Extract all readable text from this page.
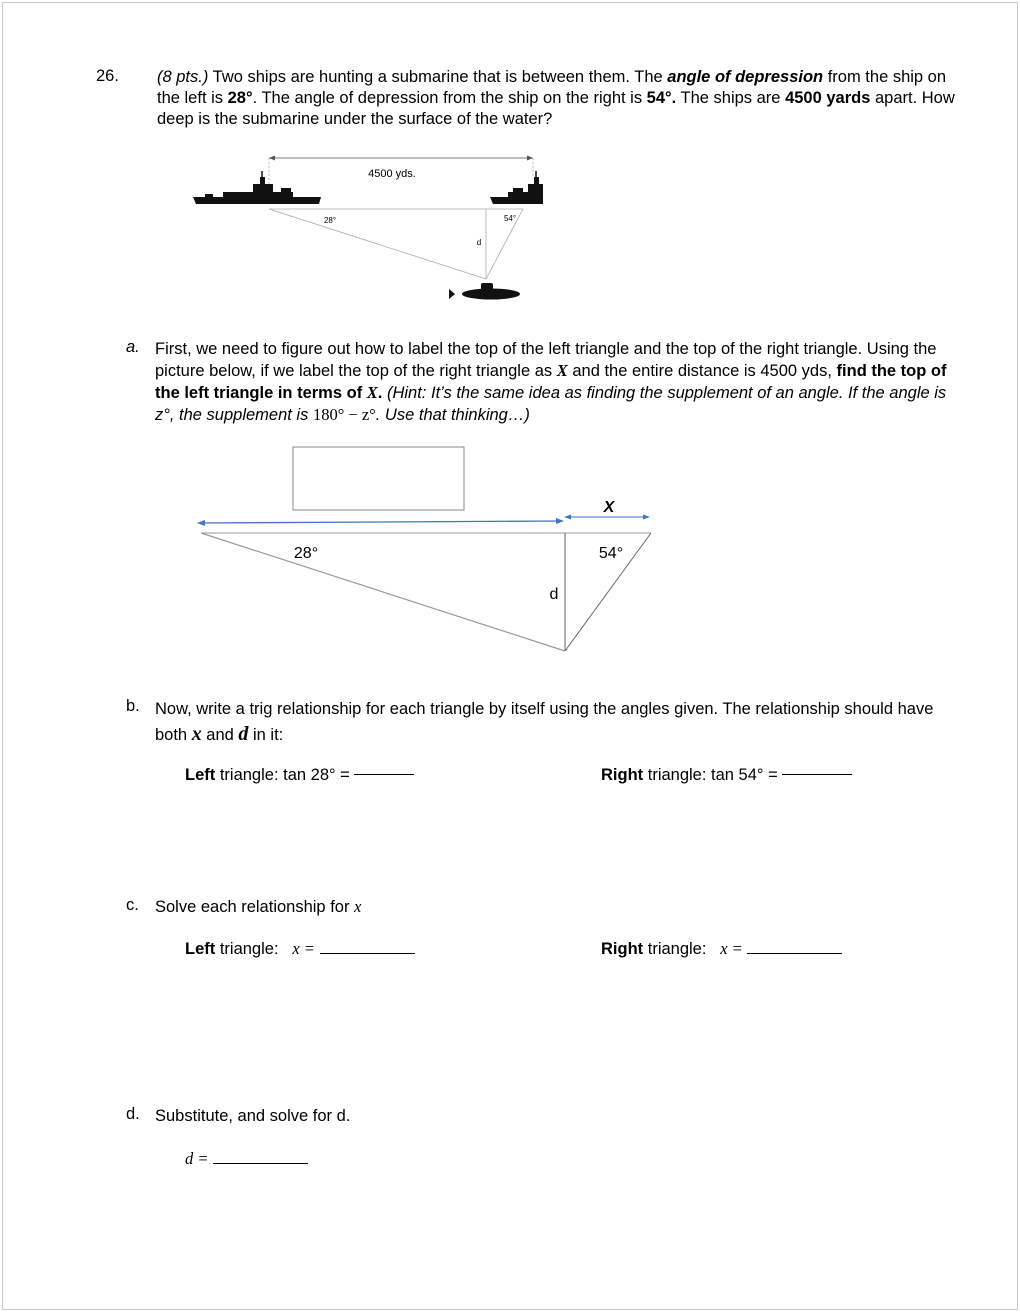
26. (8 pts.) Two ships are hunting a submarine that is between them. The angle of depression from the ship on the left is 28°. The angle of depression from the ship on the right is 54°. The ships are 4500 yards apart. How deep is the submarine under the surface of the water?
4500 yds.
28°	54°
d
a. First, we need to figure out how to label the top of the left triangle and the top of the right triangle. Using the picture below, if we label the top of the right triangle as X and the entire distance is 4500 yds, find the top of the left triangle in terms of X. (Hint: It’s the same idea as finding the supplement of an angle. If the angle is z°, the supplement is 180° − z°. Use that thinking…)
X
28°	54°
d
b. Now, write a trig relationship for each triangle by itself using the angles given. The relationship should have both x and d in it:
Left triangle: tan 28° =	Right triangle: tan 54° =
c. Solve each relationship for x
Left triangle: x =	Right triangle: x =
d. Substitute, and solve for d.
d =
